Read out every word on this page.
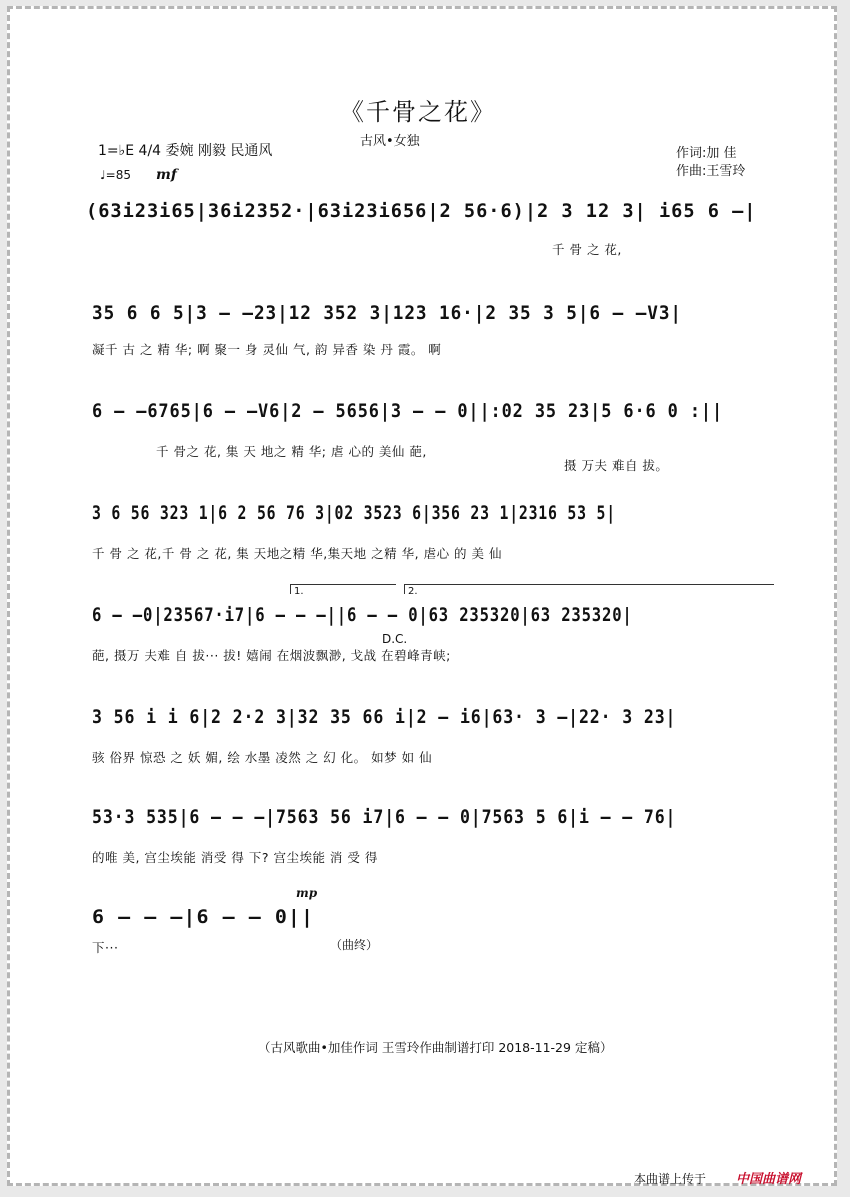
《千骨之花》
古风•女独
1=♭E 4/4 委婉 刚毅 民通风
♩=85 mf
作词:加 佳
作曲:王雪玲
(63i23i65|36i2352·|63i23i656|2 56·6)|2 3 12 3| i65 6 –|
千 骨 之 花,
35 6 6 5|3 – –23|12 352 3|123 16·|2 35 3 5|6 – –V3|
凝千 古 之 精 华; 啊 聚一 身 灵仙 气, 韵 异香 染 丹 霞。 啊
6 – –6765|6 – –V6|2 – 5656|3 – – 0||:02 35 23|5 6·6 0 :||
千 骨之 花, 集 天 地之 精 华; 虐 心的 美仙 葩,
摄 万夫 难自 拔。
3 6 56 323 1|6 2 56 76 3|02 3523 6|356 23 1|2316 53 5|
千 骨 之 花,千 骨 之 花, 集 天地之精 华,集天地 之精 华, 虐心 的 美 仙
1.	2.
6 – –0|23567·i7|6 – – –||6 – – 0|63 235320|63 235320|
D.C.
葩, 摄万 夫难 自 拔··· 拔! 嬉闹 在烟波飘渺, 戈战 在碧峰青峡;
3 56 i i 6|2 2·2 3|32 35 66 i|2 – i6|63· 3 –|22· 3 23|
骇 俗界 惊恐 之 妖 媚, 绘 水墨 凌然 之 幻 化。 如梦 如 仙
53·3 535|6 – – –|7563 56 i7|6 – – 0|7563 5 6|i – – 76|
的唯 美, 宫尘埃能 消受 得 下? 宫尘埃能 消 受 得
mp
6 – – –|6 – – 0||
下···	（曲终）
（古风歌曲•加佳作词 王雪玲作曲制谱打印 2018-11-29 定稿）
本曲谱上传于 中国曲谱网
